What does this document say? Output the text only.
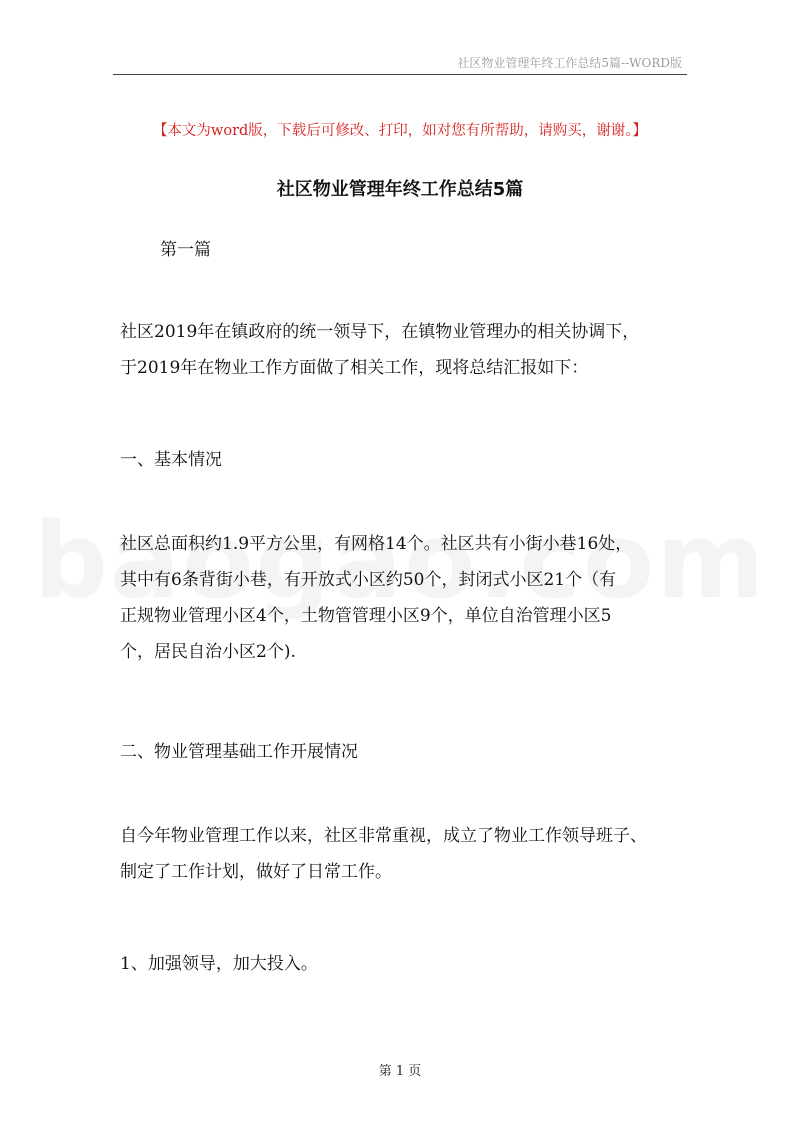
社区物业管理年终工作总结5篇--WORD版
【本文为word版，下载后可修改、打印，如对您有所帮助，请购买，谢谢。】
社区物业管理年终工作总结5篇
第一篇
社区2019年在镇政府的统一领导下，在镇物业管理办的相关协调下，
于2019年在物业工作方面做了相关工作，现将总结汇报如下：
一、基本情况
社区总面积约1.9平方公里，有网格14个。社区共有小街小巷16处，
其中有6条背街小巷，有开放式小区约50个，封闭式小区21个（有
正规物业管理小区4个，土物管管理小区9个，单位自治管理小区5
个，居民自治小区2个).
二、物业管理基础工作开展情况
自今年物业管理工作以来，社区非常重视，成立了物业工作领导班子、
制定了工作计划，做好了日常工作。
1、加强领导，加大投入。
第 1 页
